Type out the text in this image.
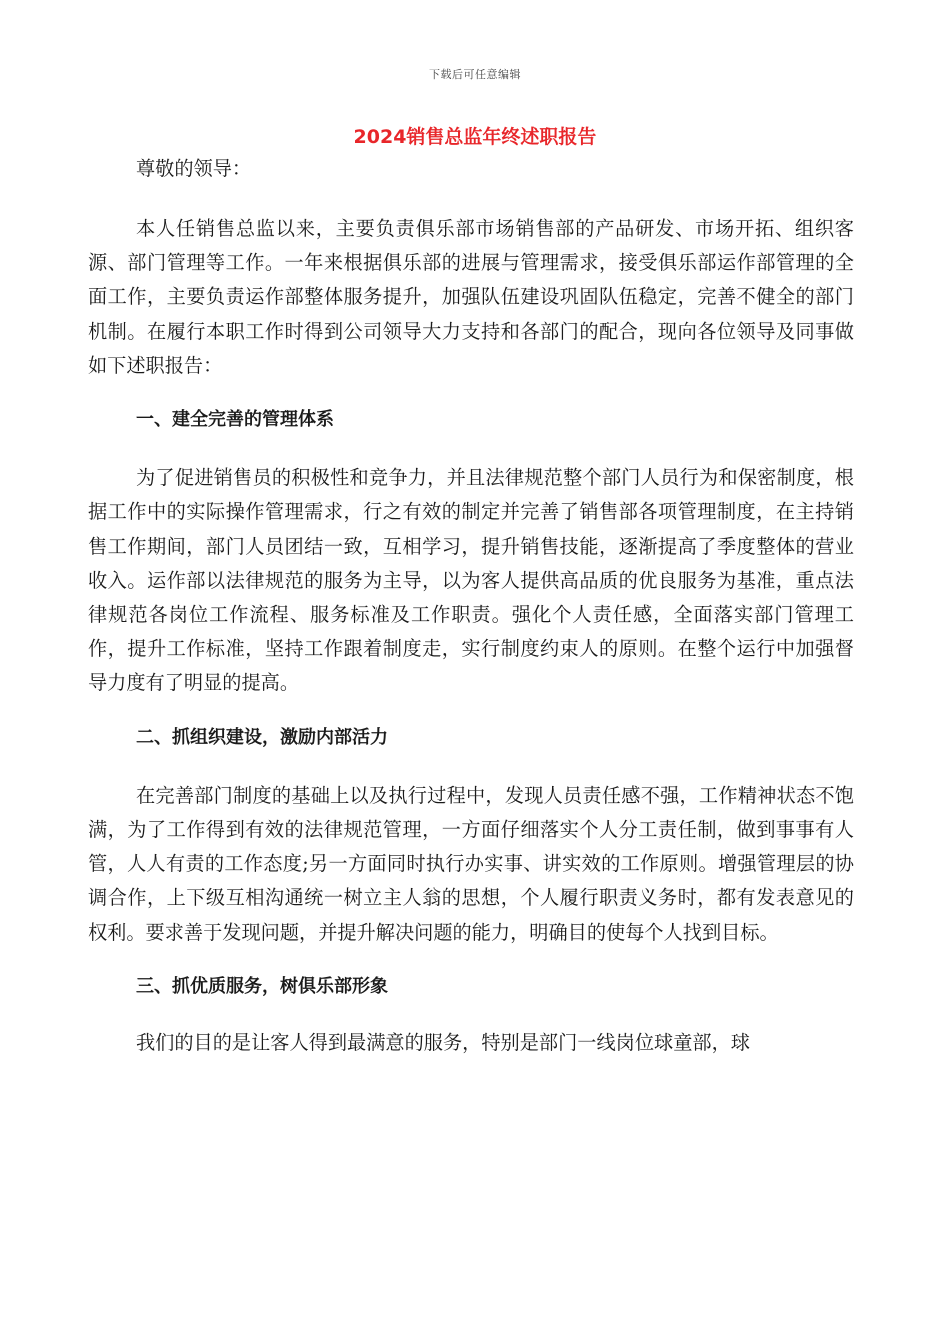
下载后可任意编辑
2024销售总监年终述职报告

尊敬的领导：

本人任销售总监以来，主要负责俱乐部市场销售部的产品研发、市场开拓、组织客源、部门管理等工作。一年来根据俱乐部的进展与管理需求，接受俱乐部运作部管理的全面工作，主要负责运作部整体服务提升，加强队伍建设巩固队伍稳定，完善不健全的部门机制。在履行本职工作时得到公司领导大力支持和各部门的配合，现向各位领导及同事做如下述职报告：

一、建全完善的管理体系

为了促进销售员的积极性和竞争力，并且法律规范整个部门人员行为和保密制度，根据工作中的实际操作管理需求，行之有效的制定并完善了销售部各项管理制度，在主持销售工作期间，部门人员团结一致，互相学习，提升销售技能，逐渐提高了季度整体的营业收入。运作部以法律规范的服务为主导，以为客人提供高品质的优良服务为基准，重点法律规范各岗位工作流程、服务标准及工作职责。强化个人责任感，全面落实部门管理工作，提升工作标准，坚持工作跟着制度走，实行制度约束人的原则。在整个运行中加强督导力度有了明显的提高。

二、抓组织建设，激励内部活力

在完善部门制度的基础上以及执行过程中，发现人员责任感不强，工作精神状态不饱满，为了工作得到有效的法律规范管理，一方面仔细落实个人分工责任制，做到事事有人管，人人有责的工作态度;另一方面同时执行办实事、讲实效的工作原则。增强管理层的协调合作，上下级互相沟通统一树立主人翁的思想，个人履行职责义务时，都有发表意见的权利。要求善于发现问题，并提升解决问题的能力，明确目的使每个人找到目标。

三、抓优质服务，树俱乐部形象

我们的目的是让客人得到最满意的服务，特别是部门一线岗位球童部，球
